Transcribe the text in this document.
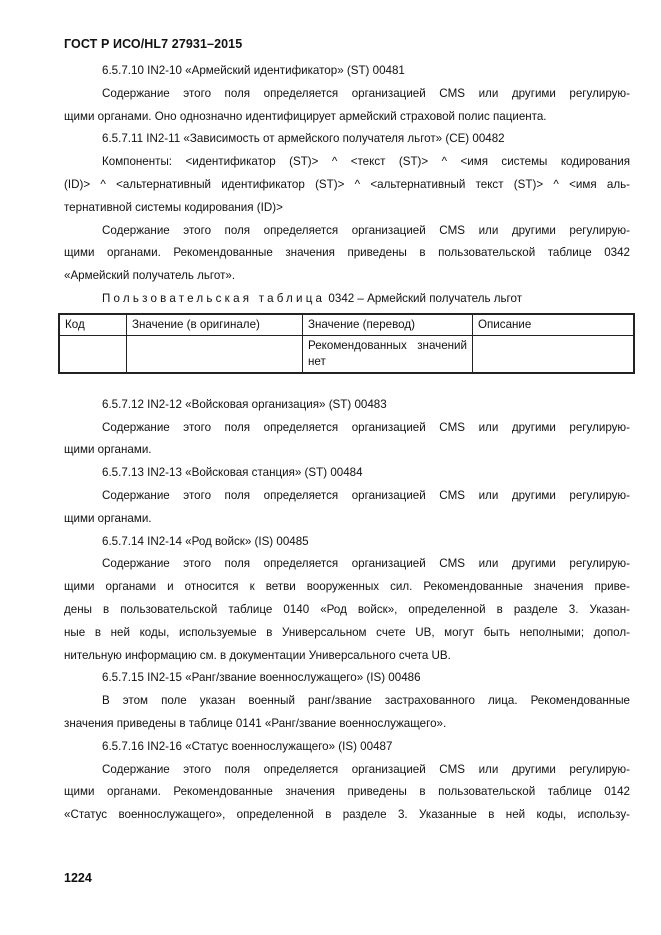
ГОСТ Р ИСО/HL7 27931–2015
6.5.7.10 IN2-10 «Армейский идентификатор» (ST) 00481
Содержание этого поля определяется организацией CMS или другими регулирую-
щими органами. Оно однозначно идентифицирует армейский страховой полис пациента.
6.5.7.11 IN2-11 «Зависимость от армейского получателя льгот» (CE) 00482
Компоненты: <идентификатор (ST)> ^ <текст (ST)> ^ <имя системы кодирования
(ID)> ^ <альтернативный идентификатор (ST)> ^ <альтернативный текст (ST)> ^ <имя аль-
тернативной системы кодирования (ID)>
Содержание этого поля определяется организацией CMS или другими регулирую-
щими органами. Рекомендованные значения приведены в пользовательской таблице 0342
«Армейский получатель льгот».
Пользовательская таблица 0342 – Армейский получатель льгот
Код	Значение (в оригинале)	Значение (перевод)	Описание
		Рекомендованных значений нет	
6.5.7.12 IN2-12 «Войсковая организация» (ST) 00483
Содержание этого поля определяется организацией CMS или другими регулирую-
щими органами.
6.5.7.13 IN2-13 «Войсковая станция» (ST) 00484
Содержание этого поля определяется организацией CMS или другими регулирую-
щими органами.
6.5.7.14 IN2-14 «Род войск» (IS) 00485
Содержание этого поля определяется организацией CMS или другими регулирую-
щими органами и относится к ветви вооруженных сил. Рекомендованные значения приве-
дены в пользовательской таблице 0140 «Род войск», определенной в разделе 3. Указан-
ные в ней коды, используемые в Универсальном счете UB, могут быть неполными; допол-
нительную информацию см. в документации Универсального счета UB.
6.5.7.15 IN2-15 «Ранг/звание военнослужащего» (IS) 00486
В этом поле указан военный ранг/звание застрахованного лица. Рекомендованные
значения приведены в таблице 0141 «Ранг/звание военнослужащего».
6.5.7.16 IN2-16 «Статус военнослужащего» (IS) 00487
Содержание этого поля определяется организацией CMS или другими регулирую-
щими органами. Рекомендованные значения приведены в пользовательской таблице 0142
«Статус военнослужащего», определенной в разделе 3. Указанные в ней коды, использу-
1224
